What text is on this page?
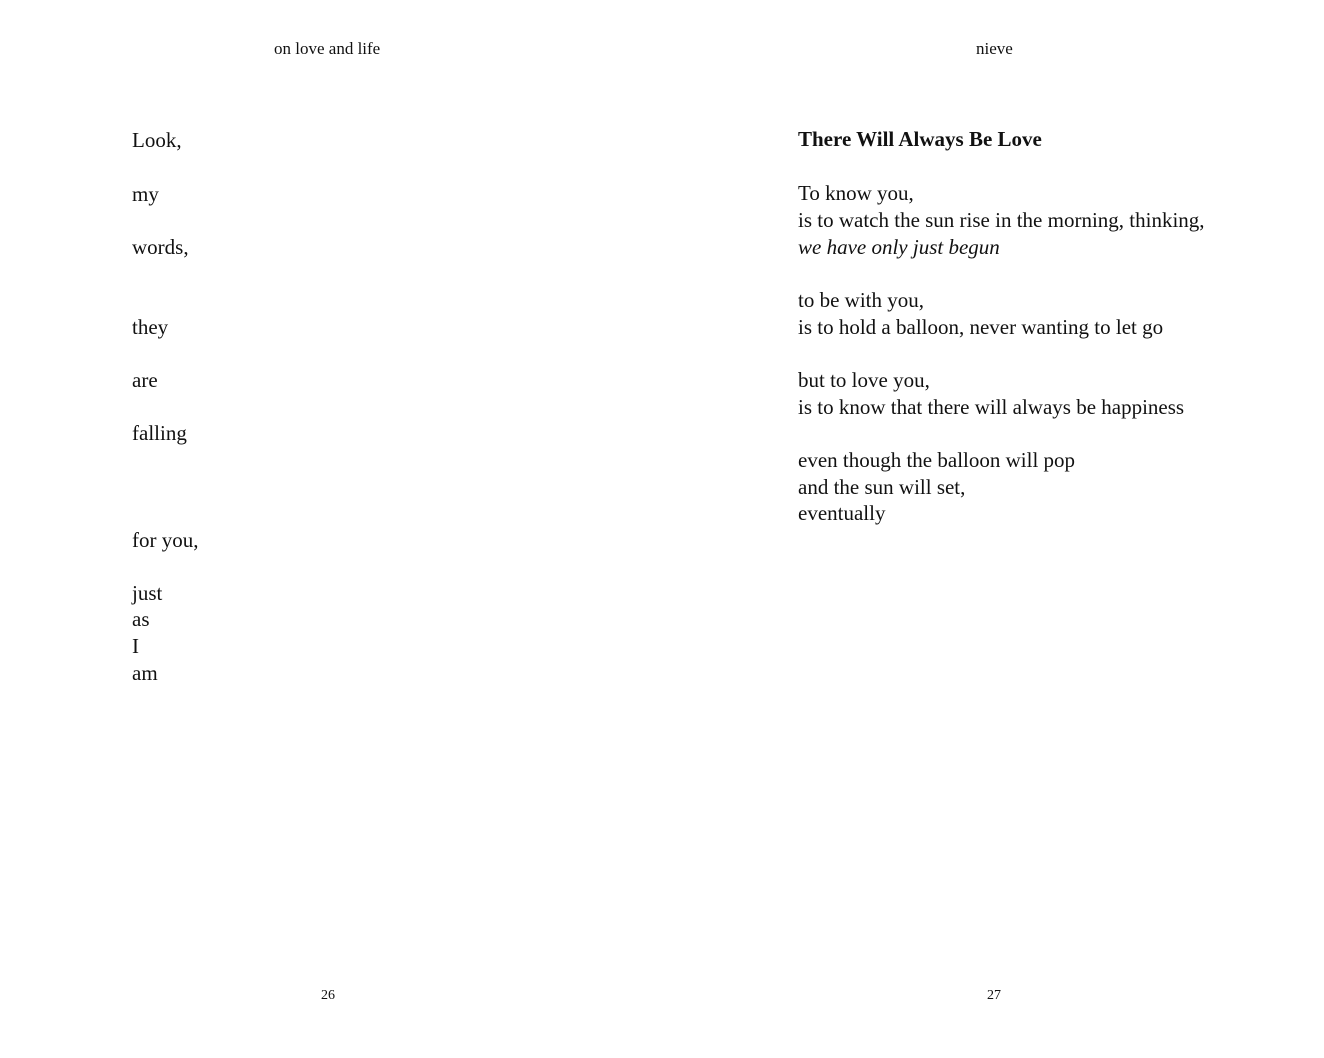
on love and life
Look,
my
words,
they
are
falling
for you,
just
as
I
am
26
nieve
There Will Always Be Love
To know you,
is to watch the sun rise in the morning, thinking,
we have only just begun
to be with you,
is to hold a balloon, never wanting to let go
but to love you,
is to know that there will always be happiness
even though the balloon will pop
and the sun will set,
eventually
27
